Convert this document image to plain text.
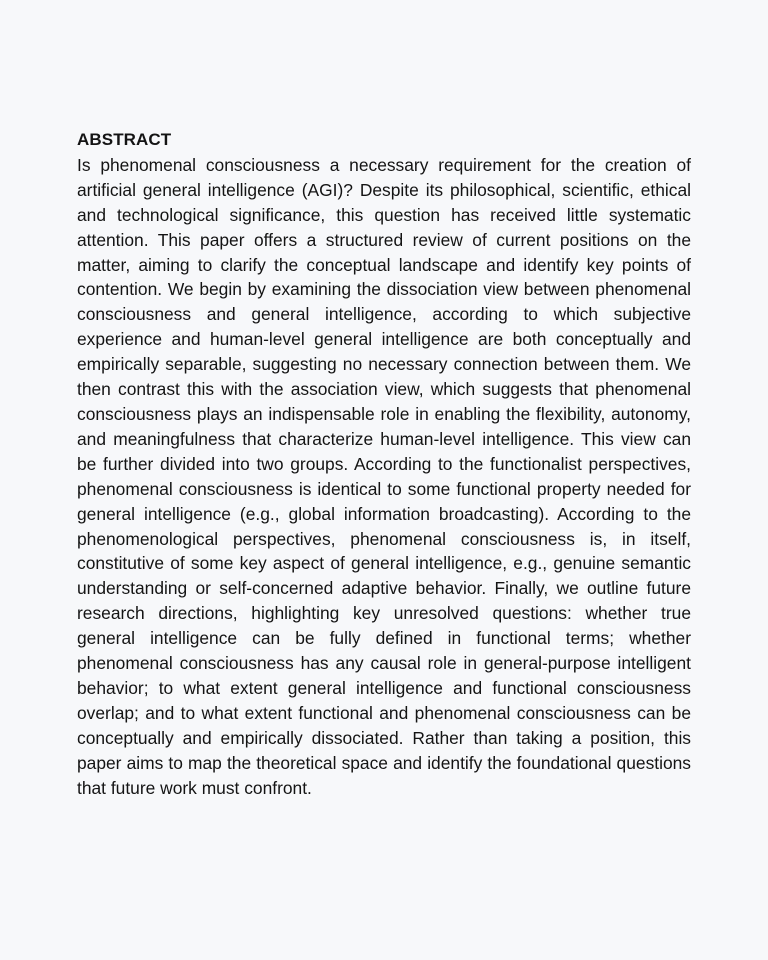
ABSTRACT

Is phenomenal consciousness a necessary requirement for the creation of artificial general intelligence (AGI)? Despite its philosophical, scientific, ethical and technological significance, this question has received little systematic attention. This paper offers a structured review of current positions on the matter, aiming to clarify the conceptual landscape and identify key points of contention. We begin by examining the dissociation view between phenomenal consciousness and general intelligence, according to which subjective experience and human-level general intelligence are both conceptually and empirically separable, suggesting no necessary connection between them. We then contrast this with the association view, which suggests that phenomenal consciousness plays an indispensable role in enabling the flexibility, autonomy, and meaningfulness that characterize human-level intelligence. This view can be further divided into two groups. According to the functionalist perspectives, phenomenal consciousness is identical to some functional property needed for general intelligence (e.g., global information broadcasting). According to the phenomenological perspectives, phenomenal consciousness is, in itself, constitutive of some key aspect of general intelligence, e.g., genuine semantic understanding or self-concerned adaptive behavior. Finally, we outline future research directions, highlighting key unresolved questions: whether true general intelligence can be fully defined in functional terms; whether phenomenal consciousness has any causal role in general-purpose intelligent behavior; to what extent general intelligence and functional consciousness overlap; and to what extent functional and phenomenal consciousness can be conceptually and empirically dissociated. Rather than taking a position, this paper aims to map the theoretical space and identify the foundational questions that future work must confront.
